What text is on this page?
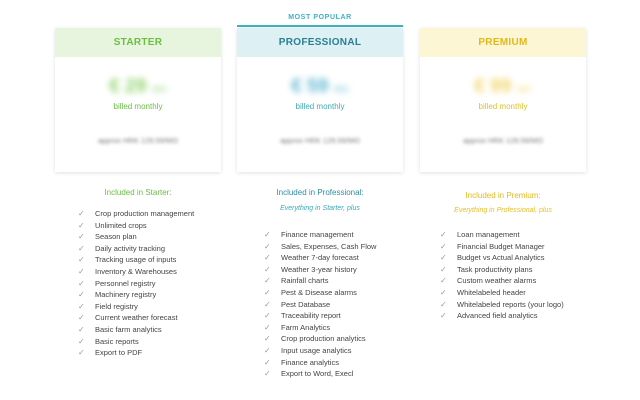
MOST POPULAR
STARTER
€ 29 /MO
billed monthly
approx HRK 129.59/MO
Included in Starter:
✓ Crop production management
✓ Unlimited crops
✓ Season plan
✓ Daily activity tracking
✓ Tracking usage of inputs
✓ Inventory & Warehouses
✓ Personnel registry
✓ Machinery registry
✓ Field registry
✓ Current weather forecast
✓ Basic farm analytics
✓ Basic reports
✓ Export to PDF
PROFESSIONAL
€ 59 /MO
billed monthly
approx HRK 129.59/MO
Included in Professional:
Everything in Starter, plus
✓ Finance management
✓ Sales, Expenses, Cash Flow
✓ Weather 7-day forecast
✓ Weather 3-year history
✓ Rainfall charts
✓ Pest & Disease alarms
✓ Pest Database
✓ Traceability report
✓ Farm Analytics
✓ Crop production analytics
✓ Input usage analytics
✓ Finance analytics
✓ Export to Word, Execl
PREMIUM
€ 99 /MO
billed monthly
approx HRK 129.59/MO
Included in Premium:
Everything in Professional, plus
✓ Loan management
✓ Financial Budget Manager
✓ Budget vs Actual Analytics
✓ Task productivity plans
✓ Custom weather alarms
✓ Whitelabeled header
✓ Whitelabeled reports (your logo)
✓ Advanced field analytics
